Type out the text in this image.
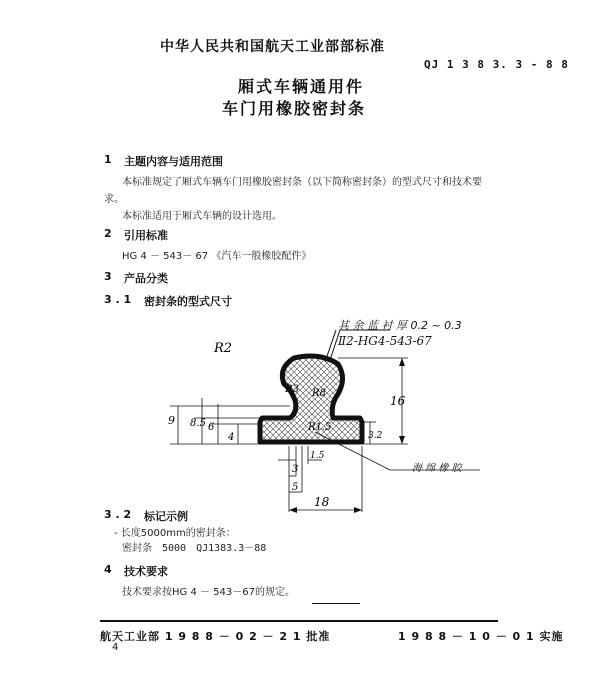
中华人民共和国航天工业部部标准
QJ 1 3 8 3. 3 - 8 8
厢式车辆通用件
车门用橡胶密封条
1 主题内容与适用范围
本标准规定了厢式车辆车门用橡胶密封条（以下简称密封条）的型式尺寸和技术要
求。
本标准适用于厢式车辆的设计选用。
2 引用标准
HG 4 － 543－ 67 《汽车一般橡胶配件》
3 产品分类
3 . 1 密封条的型式尺寸
R2
R3 R8
R1.5
9 8.5 6
4
16
3.2
1.5
3
5
18
其 余 蓝 衬 厚 0.2 ~ 0.3
Ⅱ2-HG4-543-67
海 绵 橡 胶
3 . 2 标记示例
- 长度5000mm的密封条：
密封条　5000　QJ1383.3－88
4 技术要求
技术要求按HG 4 － 543－67的规定。
航天工业部 1 9 8 8 － 0 2 － 2 1 批准	1 9 8 8 － 1 0 － 0 1 实施
4
